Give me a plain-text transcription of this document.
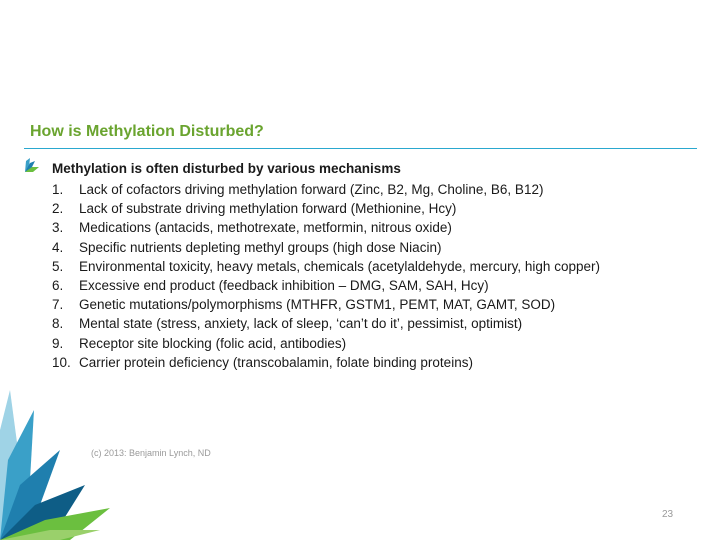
How is Methylation Disturbed?

Methylation is often disturbed by various mechanisms

1. Lack of cofactors driving methylation forward (Zinc, B2, Mg, Choline, B6, B12)
2. Lack of substrate driving methylation forward (Methionine, Hcy)
3. Medications (antacids, methotrexate, metformin, nitrous oxide)
4. Specific nutrients depleting methyl groups (high dose Niacin)
5. Environmental toxicity, heavy metals, chemicals (acetylaldehyde, mercury, high copper)
6. Excessive end product (feedback inhibition – DMG, SAM, SAH, Hcy)
7. Genetic mutations/polymorphisms (MTHFR, GSTM1, PEMT, MAT, GAMT, SOD)
8. Mental state (stress, anxiety, lack of sleep, ‘can’t do it’, pessimist, optimist)
9. Receptor site blocking (folic acid, antibodies)
10. Carrier protein deficiency (transcobalamin, folate binding proteins)

(c) 2013: Benjamin Lynch, ND

23
